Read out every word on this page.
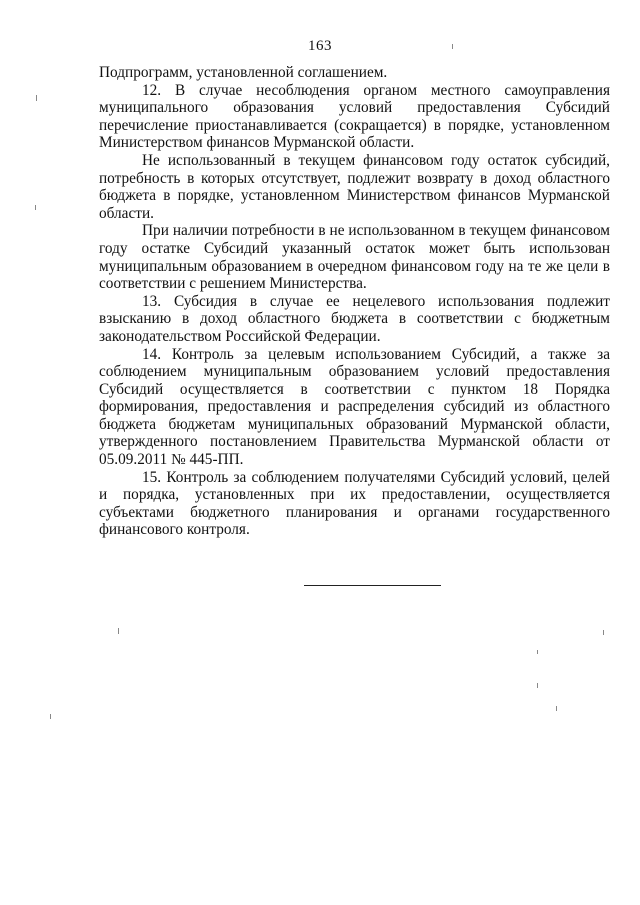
163

Подпрограмм, установленной соглашением.

12. В случае несоблюдения органом местного самоуправления муниципального образования условий предоставления Субсидий перечисление приостанавливается (сокращается) в порядке, установленном Министерством финансов Мурманской области.

Не использованный в текущем финансовом году остаток субсидий, потребность в которых отсутствует, подлежит возврату в доход областного бюджета в порядке, установленном Министерством финансов Мурманской области.

При наличии потребности в не использованном в текущем финансовом году остатке Субсидий указанный остаток может быть использован муниципальным образованием в очередном финансовом году на те же цели в соответствии с решением Министерства.

13. Субсидия в случае ее нецелевого использования подлежит взысканию в доход областного бюджета в соответствии с бюджетным законодательством Российской Федерации.

14. Контроль за целевым использованием Субсидий, а также за соблюдением муниципальным образованием условий предоставления Субсидий осуществляется в соответствии с пунктом 18 Порядка формирования, предоставления и распределения субсидий из областного бюджета бюджетам муниципальных образований Мурманской области, утвержденного постановлением Правительства Мурманской области от 05.09.2011 № 445-ПП.

15. Контроль за соблюдением получателями Субсидий условий, целей и порядка, установленных при их предоставлении, осуществляется субъектами бюджетного планирования и органами государственного финансового контроля.
